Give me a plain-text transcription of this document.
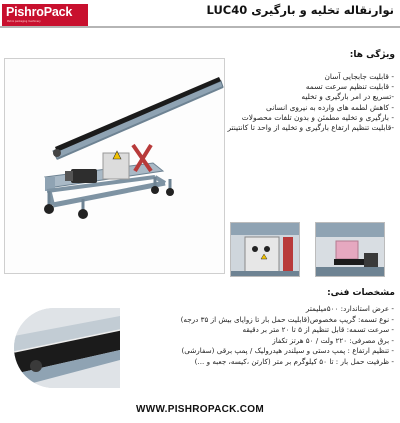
PishroPack
Pishro packaging machinery
نوارنقاله تخلیه و بارگیری LUC40
ویژگی ها:
- قابلیت جابجایی آسان
- قابلیت تنظیم سرعت تسمه
-تسریع در امر بارگیری و تخلیه
- کاهش لطمه های وارده به نیروی انسانی
- بارگیری و تخلیه مطمئن و بدون تلفات محصولات
-قابلیت تنظیم ارتفاع بارگیری و تخلیه از واحد تا کانتینتر
مشخصات فنی:
- عرض استاندارد: ۵۰۰میلیمتر
- نوع تسمه: گریپ مخصوص(قابلیت حمل بار تا زوایای بیش از ۳۵ درجه)
- سرعت تسمه: قابل تنظیم از ۵ تا ۲۰ متر بر دقیقه
- برق مصرفی: ۲۲۰ ولت / ۵۰ هرتز تکفاز
- تنظیم ارتفاع : پمپ دستی و سیلندر هیدرولیک / پمپ برقی (سفارشی)
- ظرفیت حمل بار : تا ۵۰ کیلوگرم بر متر (کارتن ،کیسه، جعبه و ...)
WWW.PISHROPACK.COM
